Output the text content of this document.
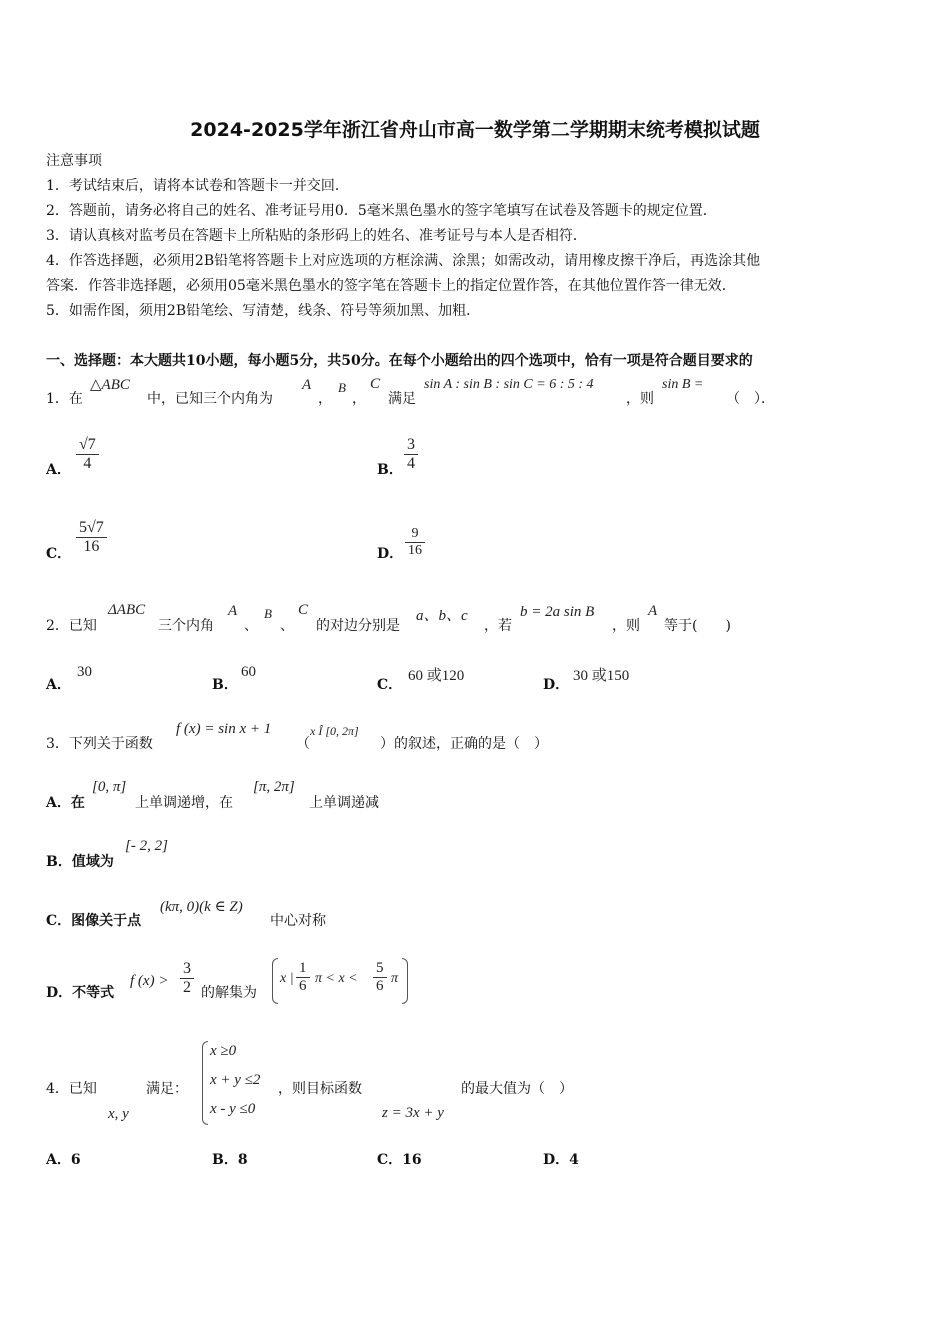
2024-2025学年浙江省舟山市高一数学第二学期期末统考模拟试题
注意事项
1．考试结束后，请将本试卷和答题卡一并交回．
2．答题前，请务必将自己的姓名、准考证号用0．5毫米黑色墨水的签字笔填写在试卷及答题卡的规定位置．
3．请认真核对监考员在答题卡上所粘贴的条形码上的姓名、准考证号与本人是否相符．
4．作答选择题，必须用2B铅笔将答题卡上对应选项的方框涂满、涂黑；如需改动，请用橡皮擦干净后，再选涂其他
答案．作答非选择题，必须用05毫米黑色墨水的签字笔在答题卡上的指定位置作答，在其他位置作答一律无效．
5．如需作图，须用2B铅笔绘、写清楚，线条、符号等须加黑、加粗．
一、选择题：本大题共10小题，每小题5分，共50分。在每个小题给出的四个选项中，恰有一项是符合题目要求的
1．在
△ABC
中，已知三个内角为
A
，
B
，
C
满足
sin A : sin B : sin C = 6 : 5 : 4
，则
sin B =
（　）．
A． $\frac{√7}{4}$	B． $\frac{3}{4}$
C． $\frac{5√7}{16}$	D． $\frac{9}{16}$
2．已知
ΔABC
三个内角
A
、
B
、
C
的对边分别是
a、b、c
，若
b = 2a sin B
，则
A
等于(　　)
A．
30
B．
60
C．
60 或120
D．
30 或150
3．下列关于函数
f (x) = sin x + 1
（
x Î [0, 2π]
）的叙述，正确的是（　）
A．在
[0, π]
上单调递增，在
[π, 2π]
上单调递减
B．值域为
[- 2, 2]
C．图像关于点
(kπ, 0)(k ∈ Z)
中心对称
D．不等式
f $(x) > \frac{3}{2}$ 的解集为
x | $\frac{1}{6}$ $\pi < x < \frac{5}{6}$ π
4．已知	满足：
x, y
x ≥0
x + y ≤2
x - y ≤0
，则目标函数
z = 3x + y
的最大值为（　）
A．6	B．8	C．16	D．4
